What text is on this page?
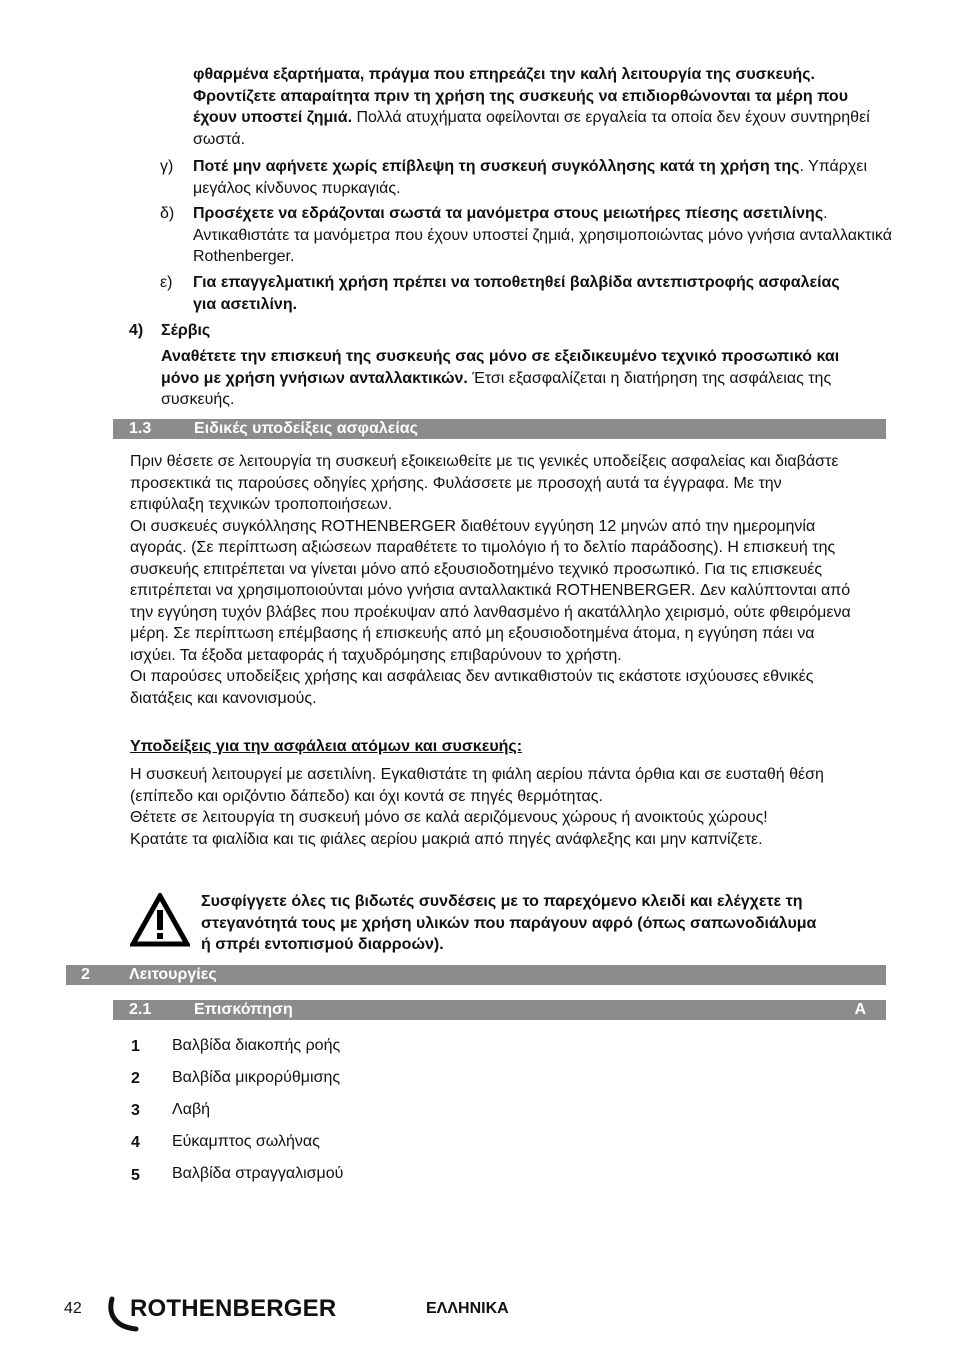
φθαρμένα εξαρτήματα, πράγμα που επηρεάζει την καλή λειτουργία της συσκευής. Φροντίζετε απαραίτητα πριν τη χρήση της συσκευής να επιδιορθώνονται τα μέρη που έχουν υποστεί ζημιά. Πολλά ατυχήματα οφείλονται σε εργαλεία τα οποία δεν έχουν συντηρηθεί σωστά.
γ) Ποτέ μην αφήνετε χωρίς επίβλεψη τη συσκευή συγκόλλησης κατά τη χρήση της. Υπάρχει μεγάλος κίνδυνος πυρκαγιάς.
δ) Προσέχετε να εδράζονται σωστά τα μανόμετρα στους μειωτήρες πίεσης ασετιλίνης. Αντικαθιστάτε τα μανόμετρα που έχουν υποστεί ζημιά, χρησιμοποιώντας μόνο γνήσια ανταλλακτικά Rothenberger.
ε) Για επαγγελματική χρήση πρέπει να τοποθετηθεί βαλβίδα αντεπιστροφής ασφαλείας για ασετιλίνη.
4) Σέρβις
Αναθέτετε την επισκευή της συσκευής σας μόνο σε εξειδικευμένο τεχνικό προσωπικό και μόνο με χρήση γνήσιων ανταλλακτικών. Έτσι εξασφαλίζεται η διατήρηση της ασφάλειας της συσκευής.
1.3	Ειδικές υποδείξεις ασφαλείας
Πριν θέσετε σε λειτουργία τη συσκευή εξοικειωθείτε με τις γενικές υποδείξεις ασφαλείας και διαβάστε προσεκτικά τις παρούσες οδηγίες χρήσης. Φυλάσσετε με προσοχή αυτά τα έγγραφα. Με την επιφύλαξη τεχνικών τροποποιήσεων.
Οι συσκευές συγκόλλησης ROTHENBERGER διαθέτουν εγγύηση 12 μηνών από την ημερομηνία αγοράς. (Σε περίπτωση αξιώσεων παραθέτετε το τιμολόγιο ή το δελτίο παράδοσης). Η επισκευή της συσκευής επιτρέπεται να γίνεται μόνο από εξουσιοδοτημένο τεχνικό προσωπικό. Για τις επισκευές επιτρέπεται να χρησιμοποιούνται μόνο γνήσια ανταλλακτικά ROTHENBERGER. Δεν καλύπτονται από την εγγύηση τυχόν βλάβες που προέκυψαν από λανθασμένο ή ακατάλληλο χειρισμό, ούτε φθειρόμενα μέρη. Σε περίπτωση επέμβασης ή επισκευής από μη εξουσιοδοτημένα άτομα, η εγγύηση πάει να ισχύει. Τα έξοδα μεταφοράς ή ταχυδρόμησης επιβαρύνουν το χρήστη.
Οι παρούσες υποδείξεις χρήσης και ασφάλειας δεν αντικαθιστούν τις εκάστοτε ισχύουσες εθνικές διατάξεις και κανονισμούς.
Υποδείξεις για την ασφάλεια ατόμων και συσκευής:
Η συσκευή λειτουργεί με ασετιλίνη. Εγκαθιστάτε τη φιάλη αερίου πάντα όρθια και σε ευσταθή θέση (επίπεδο και οριζόντιο δάπεδο) και όχι κοντά σε πηγές θερμότητας.
Θέτετε σε λειτουργία τη συσκευή μόνο σε καλά αεριζόμενους χώρους ή ανοικτούς χώρους!
Κρατάτε τα φιαλίδια και τις φιάλες αερίου μακριά από πηγές ανάφλεξης και μην καπνίζετε.
Συσφίγγετε όλες τις βιδωτές συνδέσεις με το παρεχόμενο κλειδί και ελέγχετε τη στεγανότητά τους με χρήση υλικών που παράγουν αφρό (όπως σαπωνοδιάλυμα ή σπρέι εντοπισμού διαρροών).
2 Λειτουργίες
2.1	Επισκόπηση	A
1 Βαλβίδα διακοπής ροής
2 Βαλβίδα μικρορύθμισης
3 Λαβή
4 Εύκαμπτος σωλήνας
5 Βαλβίδα στραγγαλισμού
42 ROTHENBERGER	ΕΛΛΗΝΙΚΑ
